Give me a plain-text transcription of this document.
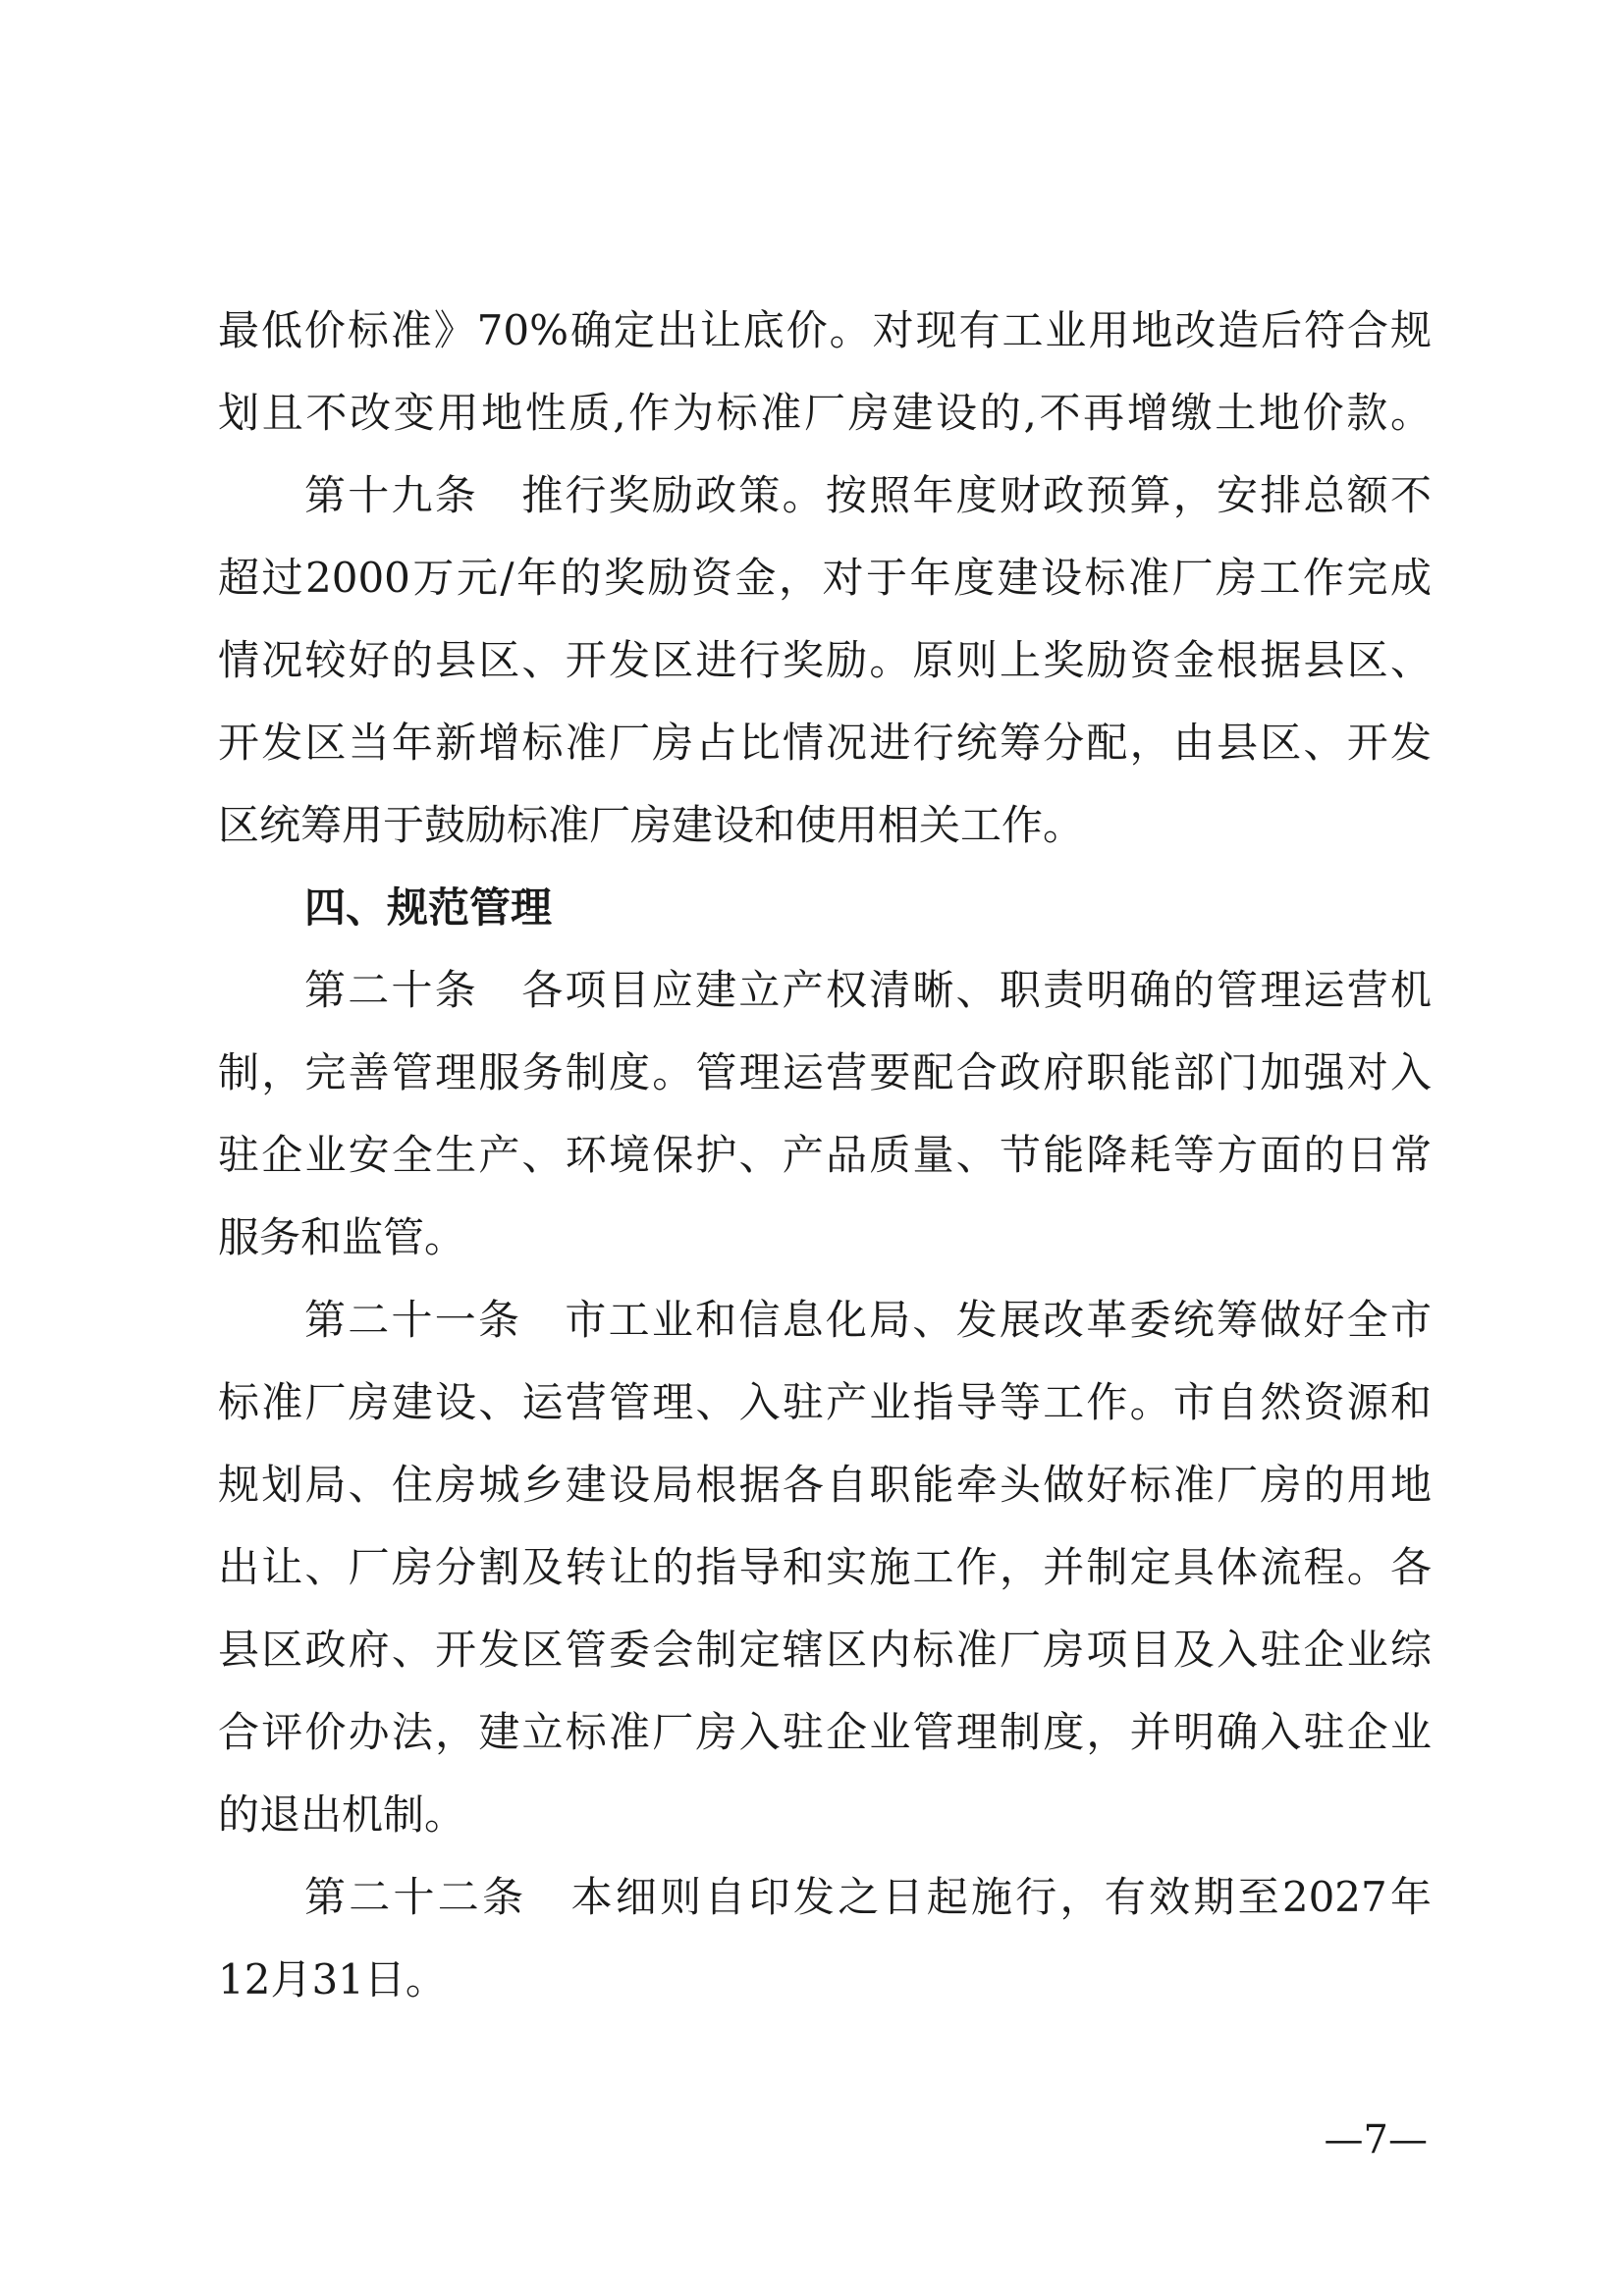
最低价标准》70%确定出让底价。对现有工业用地改造后符合规
划且不改变用地性质,作为标准厂房建设的,不再增缴土地价款。
第十九条　推行奖励政策。按照年度财政预算，安排总额不
超过2000万元/年的奖励资金，对于年度建设标准厂房工作完成
情况较好的县区、开发区进行奖励。原则上奖励资金根据县区、
开发区当年新增标准厂房占比情况进行统筹分配，由县区、开发
区统筹用于鼓励标准厂房建设和使用相关工作。
四、规范管理
第二十条　各项目应建立产权清晰、职责明确的管理运营机
制，完善管理服务制度。管理运营要配合政府职能部门加强对入
驻企业安全生产、环境保护、产品质量、节能降耗等方面的日常
服务和监管。
第二十一条　市工业和信息化局、发展改革委统筹做好全市
标准厂房建设、运营管理、入驻产业指导等工作。市自然资源和
规划局、住房城乡建设局根据各自职能牵头做好标准厂房的用地
出让、厂房分割及转让的指导和实施工作，并制定具体流程。各
县区政府、开发区管委会制定辖区内标准厂房项目及入驻企业综
合评价办法，建立标准厂房入驻企业管理制度，并明确入驻企业
的退出机制。
第二十二条　本细则自印发之日起施行，有效期至2027年
12月31日。
—7—
